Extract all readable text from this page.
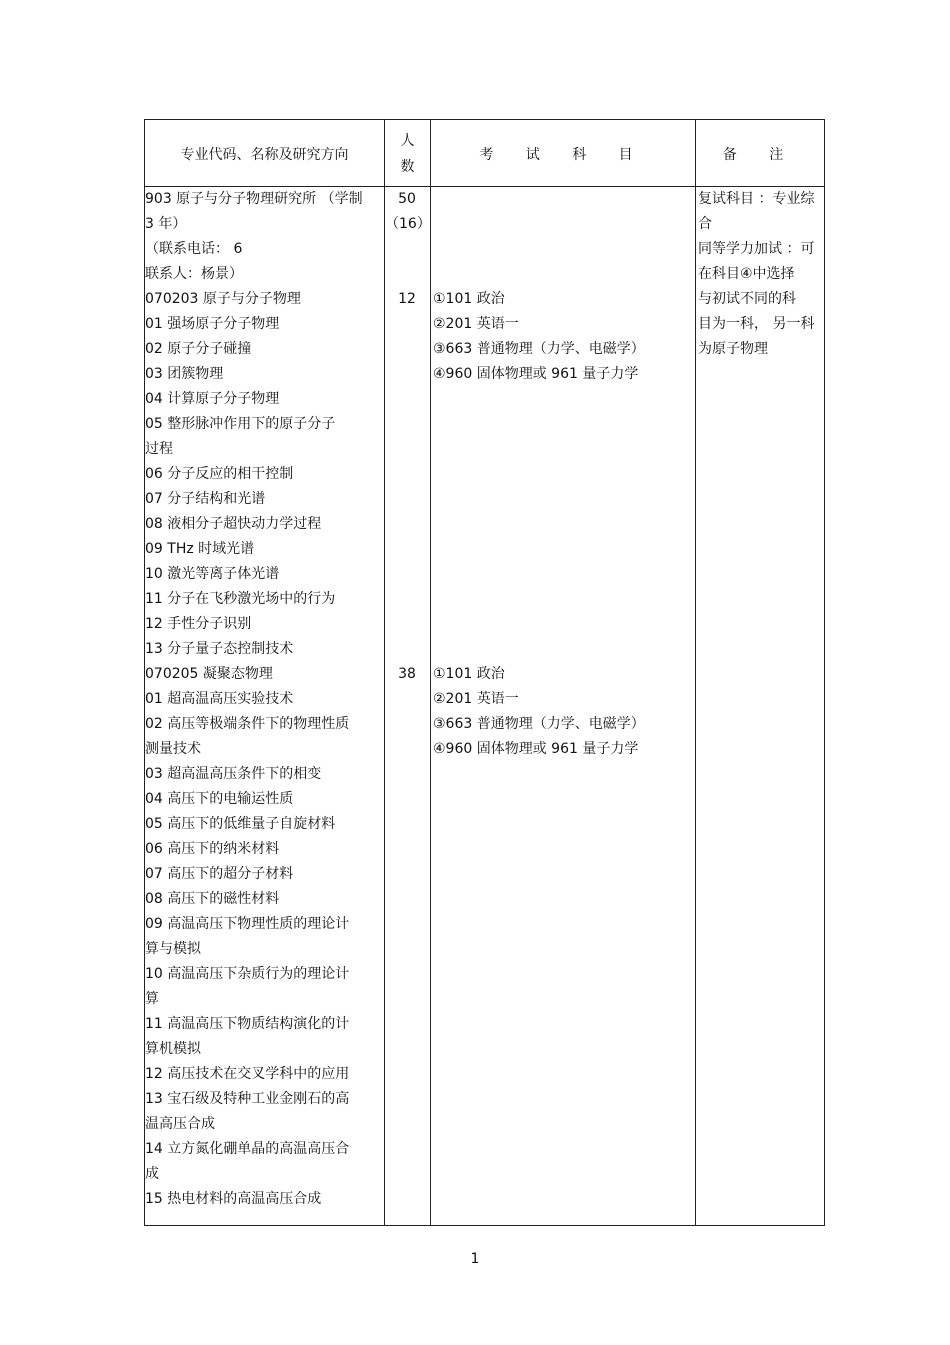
专业代码、名称及研究方向
人
数
考 试 科 目	备 注
903 原子与分子物理研究所 （学制
3 年）
（联系电话： 6
联系人：杨景）
070203 原子与分子物理
01 强场原子分子物理
02 原子分子碰撞
03 团簇物理
04 计算原子分子物理
05 整形脉冲作用下的原子分子
过程
06 分子反应的相干控制
07 分子结构和光谱
08 液相分子超快动力学过程
09 THz 时域光谱
10 激光等离子体光谱
11 分子在飞秒激光场中的行为
12 手性分子识别
13 分子量子态控制技术
070205 凝聚态物理
01 超高温高压实验技术
02 高压等极端条件下的物理性质
测量技术
03 超高温高压条件下的相变
04 高压下的电输运性质
05 高压下的低维量子自旋材料
06 高压下的纳米材料
07 高压下的超分子材料
08 高压下的磁性材料
09 高温高压下物理性质的理论计
算与模拟
10 高温高压下杂质行为的理论计
算
11 高温高压下物质结构演化的计
算机模拟
12 高压技术在交叉学科中的应用
13 宝石级及特种工业金刚石的高
温高压合成
14 立方氮化硼单晶的高温高压合
成
15 热电材料的高温高压合成
50
（16）
12
38
①101 政治
②201 英语一
③663 普通物理（力学、电磁学）
④960 固体物理或 961 量子力学
①101 政治
②201 英语一
③663 普通物理（力学、电磁学）
④960 固体物理或 961 量子力学
复试科目 ：专业综
合
同等学力加试 ：可
在科目④中选择
与初试不同的科
目为一科， 另一科
为原子物理
1
